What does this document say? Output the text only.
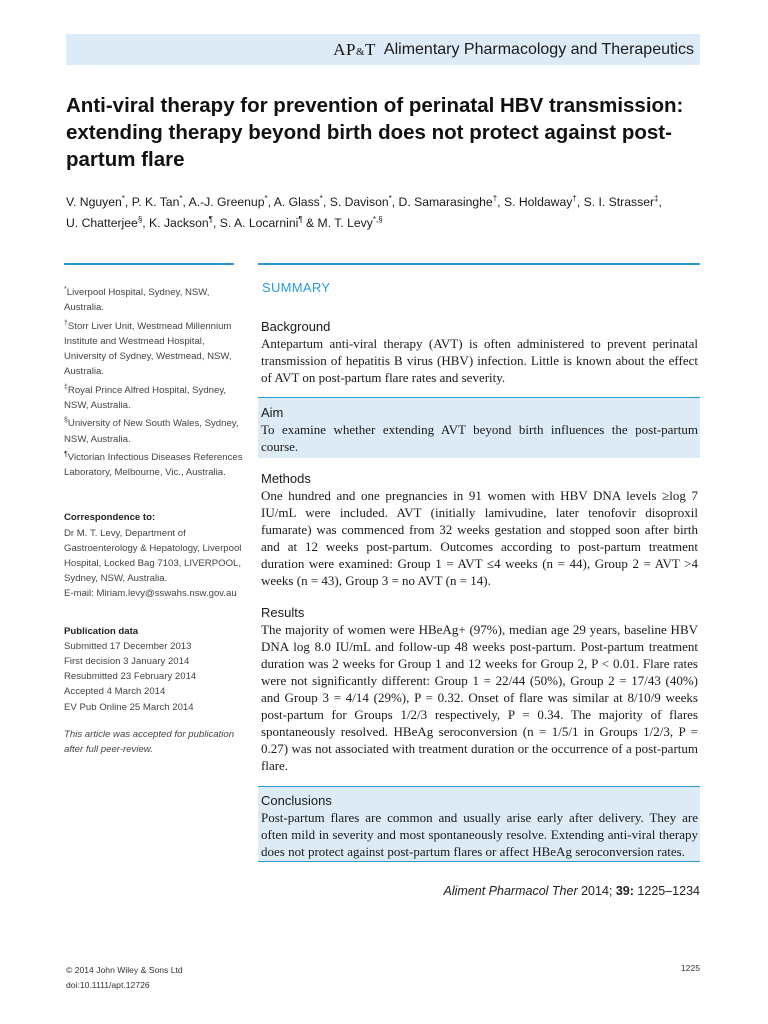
AP&T Alimentary Pharmacology and Therapeutics
Anti-viral therapy for prevention of perinatal HBV transmission: extending therapy beyond birth does not protect against post-partum flare
V. Nguyen*, P. K. Tan*, A.-J. Greenup*, A. Glass*, S. Davison*, D. Samarasinghe†, S. Holdaway†, S. I. Strasser‡,
U. Chatterjee§, K. Jackson¶, S. A. Locarnini¶ & M. T. Levy*,§

*Liverpool Hospital, Sydney, NSW, Australia.

†Storr Liver Unit, Westmead Millennium Institute and Westmead Hospital, University of Sydney, Westmead, NSW, Australia.

‡Royal Prince Alfred Hospital, Sydney, NSW, Australia.

§University of New South Wales, Sydney, NSW, Australia.

¶Victorian Infectious Diseases References Laboratory, Melbourne, Vic., Australia.

Correspondence to:

Dr M. T. Levy, Department of Gastroenterology & Hepatology, Liverpool Hospital, Locked Bag 7103, LIVERPOOL, Sydney, NSW, Australia.

E-mail: Miriam.levy@sswahs.nsw.gov.au

Publication data

Submitted 17 December 2013

First decision 3 January 2014

Resubmitted 23 February 2014

Accepted 4 March 2014

EV Pub Online 25 March 2014

This article was accepted for publication after full peer-review.

SUMMARY
Background

Antepartum anti-viral therapy (AVT) is often administered to prevent perinatal transmission of hepatitis B virus (HBV) infection. Little is known about the effect of AVT on post-partum flare rates and severity.

Aim

To examine whether extending AVT beyond birth influences the post-partum course.

Methods

One hundred and one pregnancies in 91 women with HBV DNA levels ≥log 7 IU/mL were included. AVT (initially lamivudine, later tenofovir disoproxil fumarate) was commenced from 32 weeks gestation and stopped soon after birth and at 12 weeks post-partum. Outcomes according to post-partum treatment duration were examined: Group 1 = AVT ≤4 weeks (n = 44), Group 2 = AVT >4 weeks (n = 43), Group 3 = no AVT (n = 14).

Results

The majority of women were HBeAg+ (97%), median age 29 years, baseline HBV DNA log 8.0 IU/mL and follow-up 48 weeks post-partum. Post-partum treatment duration was 2 weeks for Group 1 and 12 weeks for Group 2, P < 0.01. Flare rates were not significantly different: Group 1 = 22/44 (50%), Group 2 = 17/43 (40%) and Group 3 = 4/14 (29%), P = 0.32. Onset of flare was similar at 8/10/9 weeks post-partum for Groups 1/2/3 respectively, P = 0.34. The majority of flares spontaneously resolved. HBeAg seroconversion (n = 1/5/1 in Groups 1/2/3, P = 0.27) was not associated with treatment duration or the occurrence of a post-partum flare.

Conclusions

Post-partum flares are common and usually arise early after delivery. They are often mild in severity and most spontaneously resolve. Extending anti-viral therapy does not protect against post-partum flares or affect HBeAg seroconversion rates.

Aliment Pharmacol Ther 2014; 39: 1225–1234
© 2014 John Wiley & Sons Ltd
doi:10.1111/apt.12726
1225
